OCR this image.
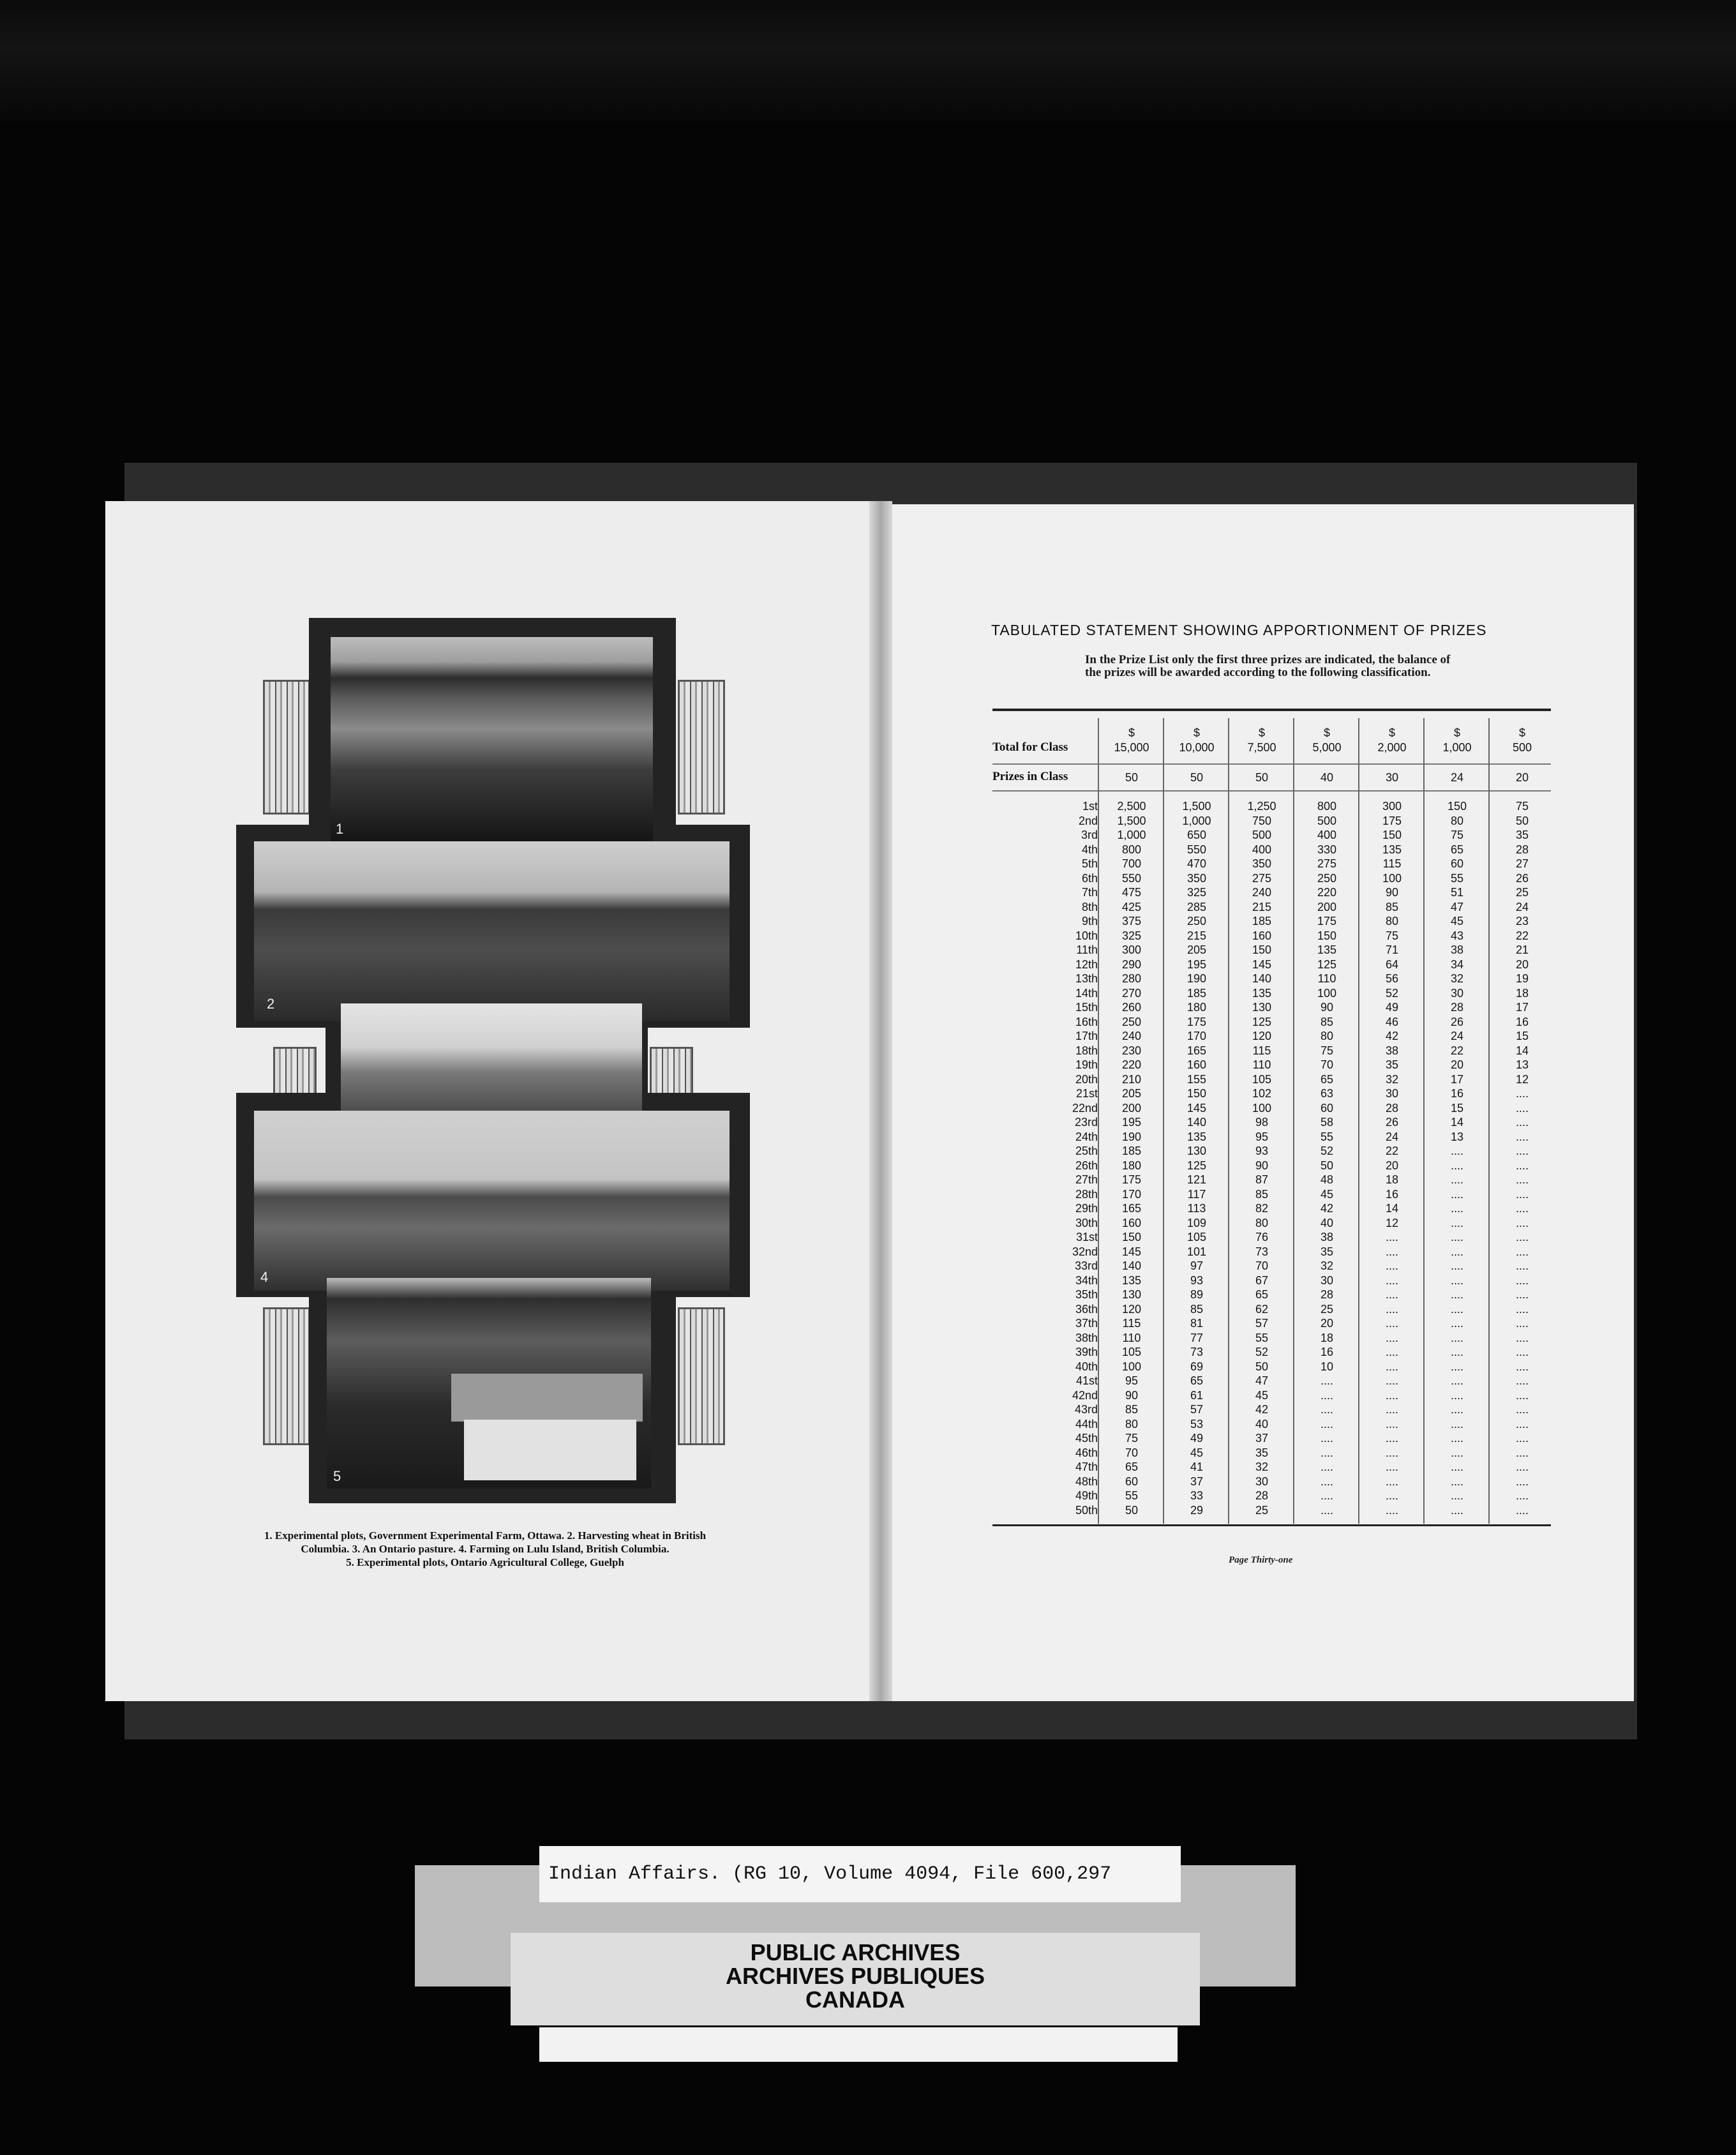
1
2
4
5
1. Experimental plots, Government Experimental Farm, Ottawa. 2. Harvesting wheat in British
Columbia. 3. An Ontario pasture. 4. Farming on Lulu Island, British Columbia.
5. Experimental plots, Ontario Agricultural College, Guelph
TABULATED STATEMENT SHOWING APPORTIONMENT OF PRIZES
In the Prize List only the first three prizes are indicated, the balance of the prizes will be awarded according to the following classification.
Total for Class
Prizes in Class
1st
2nd
3rd
4th
5th
6th
7th
8th
9th
10th
11th
12th
13th
14th
15th
16th
17th
18th
19th
20th
21st
22nd
23rd
24th
25th
26th
27th
28th
29th
30th
31st
32nd
33rd
34th
35th
36th
37th
38th
39th
40th
41st
42nd
43rd
44th
45th
46th
47th
48th
49th
50th
$
15,000
50
2,500
1,500
1,000
800
700
550
475
425
375
325
300
290
280
270
260
250
240
230
220
210
205
200
195
190
185
180
175
170
165
160
150
145
140
135
130
120
115
110
105
100
95
90
85
80
75
70
65
60
55
50
$
10,000
50
1,500
1,000
650
550
470
350
325
285
250
215
205
195
190
185
180
175
170
165
160
155
150
145
140
135
130
125
121
117
113
109
105
101
97
93
89
85
81
77
73
69
65
61
57
53
49
45
41
37
33
29
$
7,500
50
1,250
750
500
400
350
275
240
215
185
160
150
145
140
135
130
125
120
115
110
105
102
100
98
95
93
90
87
85
82
80
76
73
70
67
65
62
57
55
52
50
47
45
42
40
37
35
32
30
28
25
$
5,000
40
800
500
400
330
275
250
220
200
175
150
135
125
110
100
90
85
80
75
70
65
63
60
58
55
52
50
48
45
42
40
38
35
32
30
28
25
20
18
16
10
....
....
....
....
....
....
....
....
....
....
$
2,000
30
300
175
150
135
115
100
90
85
80
75
71
64
56
52
49
46
42
38
35
32
30
28
26
24
22
20
18
16
14
12
....
....
....
....
....
....
....
....
....
....
....
....
....
....
....
....
....
....
....
....
$
1,000
24
150
80
75
65
60
55
51
47
45
43
38
34
32
30
28
26
24
22
20
17
16
15
14
13
....
....
....
....
....
....
....
....
....
....
....
....
....
....
....
....
....
....
....
....
....
....
....
....
....
....
$
500
20
75
50
35
28
27
26
25
24
23
22
21
20
19
18
17
16
15
14
13
12
....
....
....
....
....
....
....
....
....
....
....
....
....
....
....
....
....
....
....
....
....
....
....
....
....
....
....
....
....
....
Page Thirty-one
Indian Affairs. (RG 10, Volume 4094, File 600,297
PUBLIC ARCHIVES
ARCHIVES PUBLIQUES
CANADA
